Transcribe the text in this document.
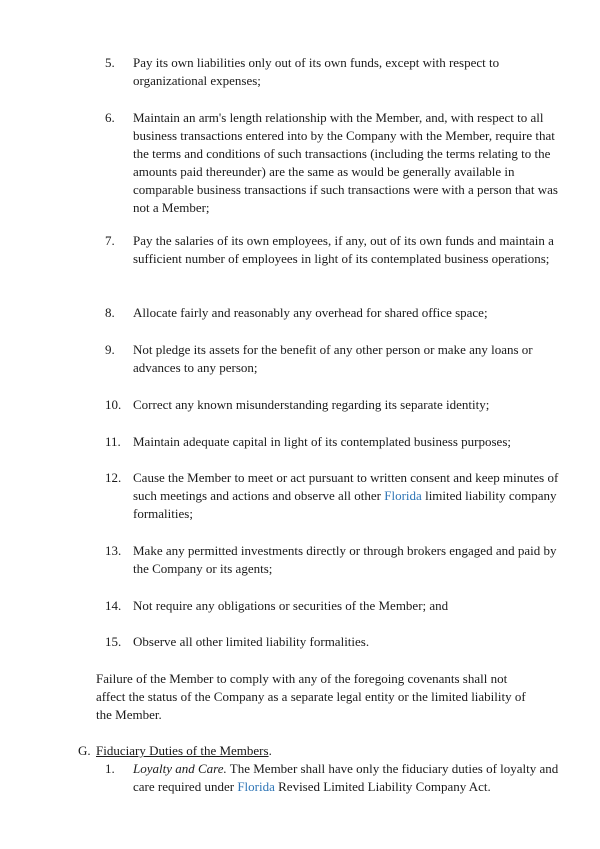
5.	Pay its own liabilities only out of its own funds, except with respect to organizational expenses;
6.	Maintain an arm's length relationship with the Member, and, with respect to all business transactions entered into by the Company with the Member, require that the terms and conditions of such transactions (including the terms relating to the amounts paid thereunder) are the same as would be generally available in comparable business transactions if such transactions were with a person that was not a Member;
7.	Pay the salaries of its own employees, if any, out of its own funds and maintain a sufficient number of employees in light of its contemplated business operations;
8.	Allocate fairly and reasonably any overhead for shared office space;
9.	Not pledge its assets for the benefit of any other person or make any loans or advances to any person;
10. Correct any known misunderstanding regarding its separate identity;
11. Maintain adequate capital in light of its contemplated business purposes;
12. Cause the Member to meet or act pursuant to written consent and keep minutes of such meetings and actions and observe all other Florida limited liability company formalities;
13. Make any permitted investments directly or through brokers engaged and paid by the Company or its agents;
14. Not require any obligations or securities of the Member; and
15. Observe all other limited liability formalities.

Failure of the Member to comply with any of the foregoing covenants shall not affect the status of the Company as a separate legal entity or the limited liability of the Member.

G. Fiduciary Duties of the Members.
1.	Loyalty and Care. The Member shall have only the fiduciary duties of loyalty and care required under Florida Revised Limited Liability Company Act.
